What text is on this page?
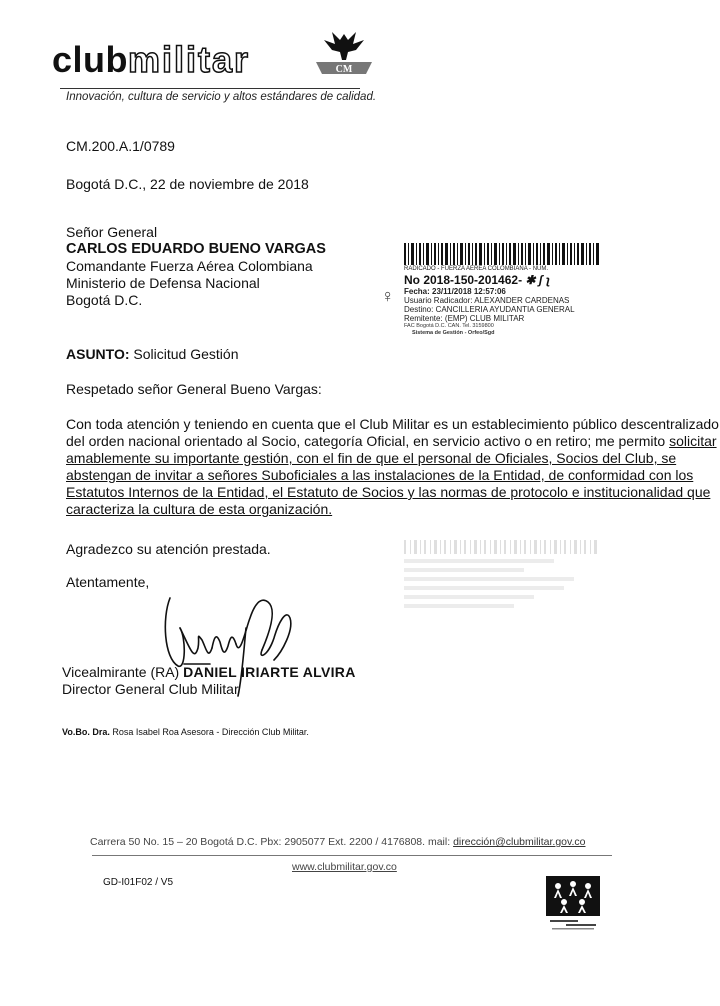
clubmilitar	CM
Innovación, cultura de servicio y altos estándares de calidad.
CM.200.A.1/0789
Bogotá D.C., 22 de noviembre de 2018
Señor General
CARLOS EDUARDO BUENO VARGAS
Comandante Fuerza Aérea Colombiana
Ministerio de Defensa Nacional
Bogotá D.C.	♀
RADICADO - FUERZA AEREA COLOMBIANA - NÚM.
No 2018-150-201462- ✱ ʃ ʅ
Fecha: 23/11/2018 12:57:06
Usuario Radicador: ALEXANDER CARDENAS
Destino: CANCILLERIA AYUDANTIA GENERAL
Remitente: (EMP) CLUB MILITAR
FAC Bogotá D.C. CAN. Tel. 3159800
Sistema de Gestión - Orfeo/Sgd
ASUNTO: Solicitud Gestión
Respetado señor General Bueno Vargas:
Con toda atención y teniendo en cuenta que el Club Militar es un establecimiento público descentralizado
del orden nacional orientado al Socio, categoría Oficial, en servicio activo o en retiro; me permito solicitar
amablemente su importante gestión, con el fin de que el personal de Oficiales, Socios del Club, se
abstengan de invitar a señores Suboficiales a las instalaciones de la Entidad, de conformidad con los
Estatutos Internos de la Entidad, el Estatuto de Socios y las normas de protocolo e institucionalidad que
caracteriza la cultura de esta organización.
Agradezco su atención prestada.
Atentamente,
Vicealmirante (RA) DANIEL IRIARTE ALVIRA
Director General Club Militar
Vo.Bo. Dra. Rosa Isabel Roa Asesora - Dirección Club Militar.
Carrera 50 No. 15 – 20 Bogotá D.C. Pbx: 2905077 Ext. 2200 / 4176808. mail: dirección@clubmilitar.gov.co
www.clubmilitar.gov.co
GD-I01F02 / V5
